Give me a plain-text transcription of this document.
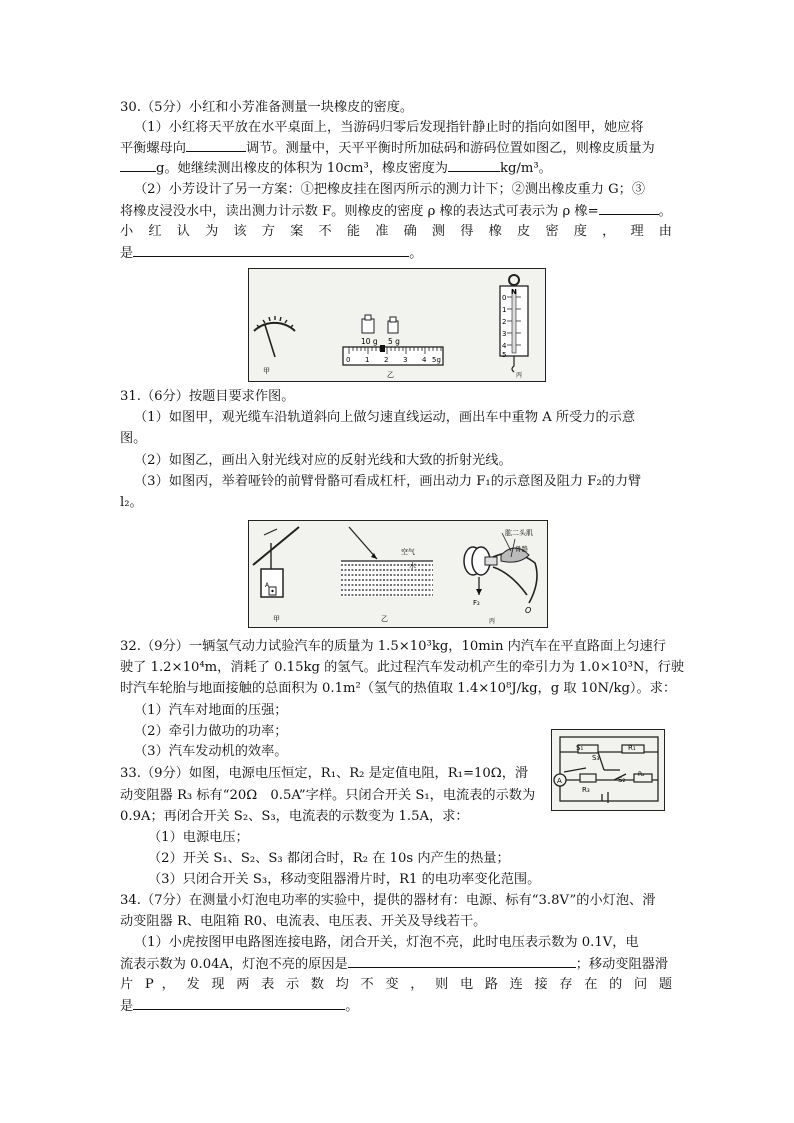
30.（5分）小红和小芳准备测量一块橡皮的密度。
（1）小红将天平放在水平桌面上，当游码归零后发现指针静止时的指向如图甲，她应将
平衡螺母向	调节。测量中，天平平衡时所加砝码和游码位置如图乙，则橡皮质量为
g。她继续测出橡皮的体积为 10cm³，橡皮密度为	kg/m³。
（2）小芳设计了另一方案：①把橡皮挂在图丙所示的测力计下；②测出橡皮重力 G；③
将橡皮浸没水中，读出测力计示数 F。则橡皮的密度 ρ 橡的表达式可表示为 ρ 橡=	。
小 红 认 为 该 方 案 不 能 准 确 测 得 橡 皮 密 度 ， 理 由
是	。
甲
10 g 5 g
0 1 2 3 4 5g
乙
N
0
1
2
3
4
5
丙
31.（6分）按题目要求作图。
（1）如图甲，观光缆车沿轨道斜向上做匀速直线运动，画出车中重物 A 所受力的示意
图。
（2）如图乙，画出入射光线对应的反射光线和大致的折射光线。
（3）如图丙，举着哑铃的前臂骨骼可看成杠杆，画出动力 F₁的示意图及阻力 F₂的力臂
l₂。
A
甲
空气
水
乙
肱二头肌
骨骼
F₂
O
丙
32.（9分）一辆氢气动力试验汽车的质量为 1.5×10³kg，10min 内汽车在平直路面上匀速行
驶了 1.2×10⁴m，消耗了 0.15kg 的氢气。此过程汽车发动机产生的牵引力为 1.0×10³N，行驶
时汽车轮胎与地面接触的总面积为 0.1m²（氢气的热值取 1.4×10⁸J/kg，g 取 10N/kg）。求：
（1）汽车对地面的压强；
（2）牵引力做功的功率；
（3）汽车发动机的效率。
33.（9分）如图，电源电压恒定，R₁、R₂ 是定值电阻，R₁=10Ω，滑
动变阻器 R₃ 标有“20Ω　0.5A”字样。只闭合开关 S₁，电流表的示数为
0.9A；再闭合开关 S₂、S₃，电流表的示数变为 1.5A，求：
（1）电源电压；
（2）开关 S₁、S₂、S₃ 都闭合时，R₂ 在 10s 内产生的热量；
（3）只闭合开关 S₃，移动变阻器滑片时，R1 的电功率变化范围。
A
S₁
S₃
S₂
R₁
R₂
R₃
34.（7分）在测量小灯泡电功率的实验中，提供的器材有：电源、标有“3.8V”的小灯泡、滑
动变阻器 R、电阻箱 R0、电流表、电压表、开关及导线若干。
（1）小虎按图甲电路图连接电路，闭合开关，灯泡不亮，此时电压表示数为 0.1V，电
流表示数为 0.04A，灯泡不亮的原因是	；移动变阻器滑
片 P ， 发 现 两 表 示 数 均 不 变 ， 则 电 路 连 接 存 在 的 问 题
是	。
